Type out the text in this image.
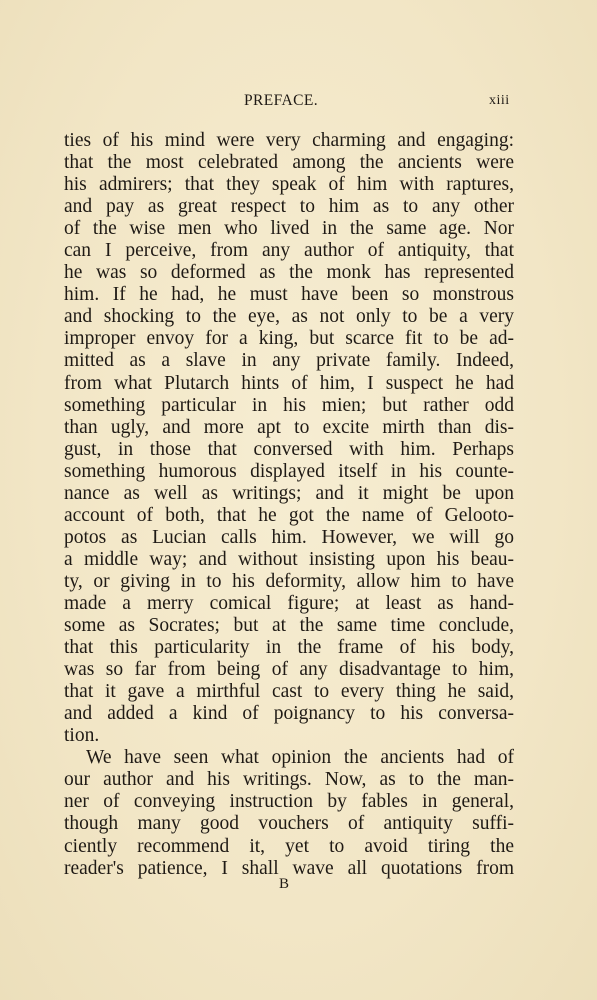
PREFACE.	xiii
ties of his mind were very charming and engaging:
that the most celebrated among the ancients were
his admirers; that they speak of him with raptures,
and pay as great respect to him as to any other
of the wise men who lived in the same age. Nor
can I perceive, from any author of antiquity, that
he was so deformed as the monk has represented
him. If he had, he must have been so monstrous
and shocking to the eye, as not only to be a very
improper envoy for a king, but scarce fit to be ad-
mitted as a slave in any private family. Indeed,
from what Plutarch hints of him, I suspect he had
something particular in his mien; but rather odd
than ugly, and more apt to excite mirth than dis-
gust, in those that conversed with him. Perhaps
something humorous displayed itself in his counte-
nance as well as writings; and it might be upon
account of both, that he got the name of Gelooto-
potos as Lucian calls him. However, we will go
a middle way; and without insisting upon his beau-
ty, or giving in to his deformity, allow him to have
made a merry comical figure; at least as hand-
some as Socrates; but at the same time conclude,
that this particularity in the frame of his body,
was so far from being of any disadvantage to him,
that it gave a mirthful cast to every thing he said,
and added a kind of poignancy to his conversa-
tion.
We have seen what opinion the ancients had of
our author and his writings. Now, as to the man-
ner of conveying instruction by fables in general,
though many good vouchers of antiquity suffi-
ciently recommend it, yet to avoid tiring the
reader's patience, I shall wave all quotations from
B
